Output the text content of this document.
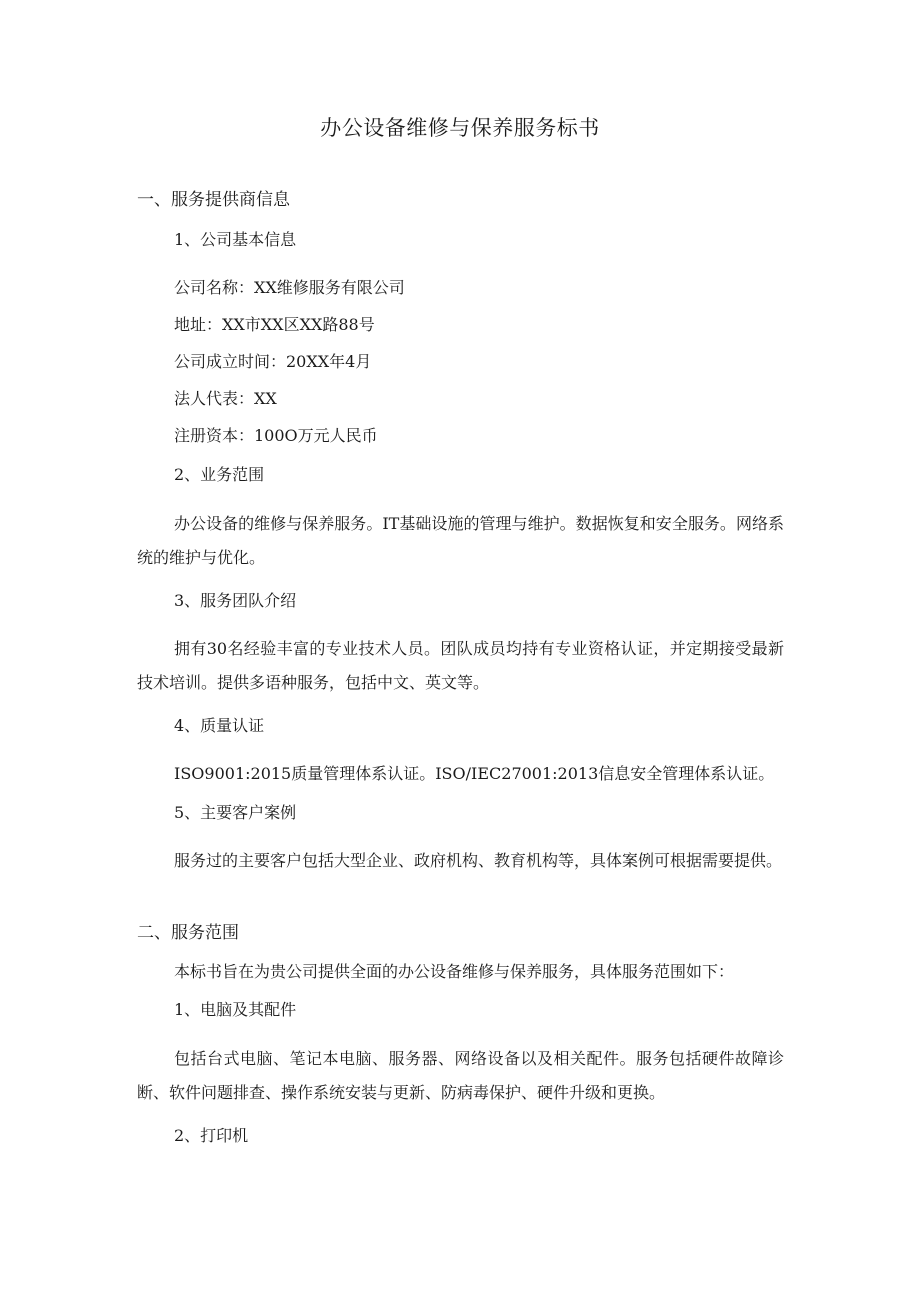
办公设备维修与保养服务标书
一、服务提供商信息
1、公司基本信息
公司名称：XX维修服务有限公司
地址：XX市XX区XX路88号
公司成立时间：20XX年4月
法人代表：XX
注册资本：100O万元人民币
2、业务范围
办公设备的维修与保养服务。IT基础设施的管理与维护。数据恢复和安全服务。网络系统的维护与优化。
3、服务团队介绍
拥有30名经验丰富的专业技术人员。团队成员均持有专业资格认证，并定期接受最新技术培训。提供多语种服务，包括中文、英文等。
4、质量认证
ISO9001:2015质量管理体系认证。ISO/IEC27001:2013信息安全管理体系认证。
5、主要客户案例
服务过的主要客户包括大型企业、政府机构、教育机构等，具体案例可根据需要提供。
二、服务范围
本标书旨在为贵公司提供全面的办公设备维修与保养服务，具体服务范围如下：
1、电脑及其配件
包括台式电脑、笔记本电脑、服务器、网络设备以及相关配件。服务包括硬件故障诊断、软件问题排查、操作系统安装与更新、防病毒保护、硬件升级和更换。
2、打印机
